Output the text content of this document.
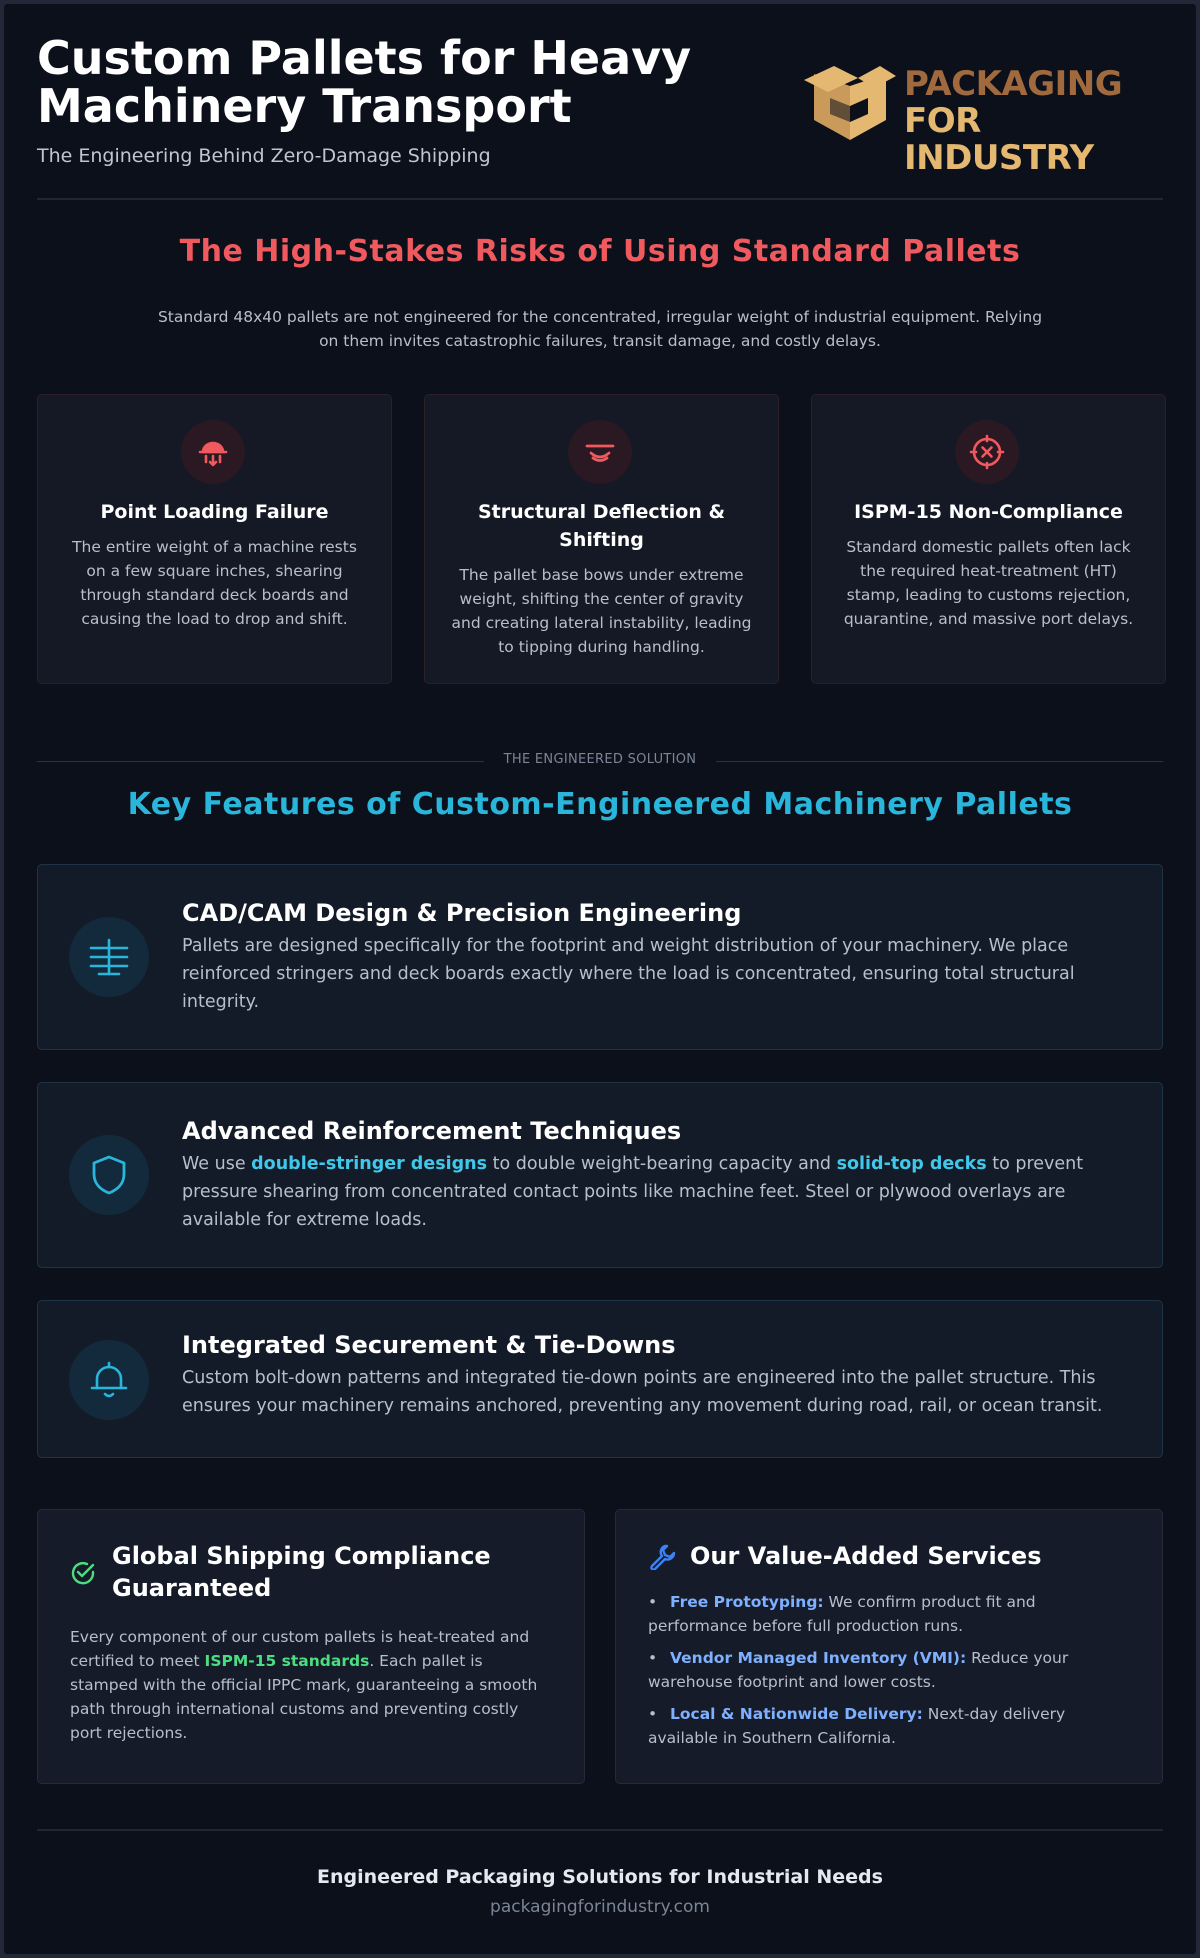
Custom Pallets for Heavy Machinery Transport
The Engineering Behind Zero-Damage Shipping
PACKAGING
FOR INDUSTRY
The High-Stakes Risks of Using Standard Pallets

Standard 48x40 pallets are not engineered for the concentrated, irregular weight of industrial equipment. Relying on them invites catastrophic failures, transit damage, and costly delays.

Point Loading Failure

The entire weight of a machine rests on a few square inches, shearing through standard deck boards and causing the load to drop and shift.

Structural Deflection & Shifting

The pallet base bows under extreme weight, shifting the center of gravity and creating lateral instability, leading to tipping during handling.

ISPM-15 Non-Compliance

Standard domestic pallets often lack the required heat-treatment (HT) stamp, leading to customs rejection, quarantine, and massive port delays.

THE ENGINEERED SOLUTION
Key Features of Custom-Engineered Machinery Pallets
CAD/CAM Design & Precision Engineering

Pallets are designed specifically for the footprint and weight distribution of your machinery. We place reinforced stringers and deck boards exactly where the load is concentrated, ensuring total structural integrity.

Advanced Reinforcement Techniques

We use double-stringer designs to double weight-bearing capacity and solid-top decks to prevent pressure shearing from concentrated contact points like machine feet. Steel or plywood overlays are available for extreme loads.

Integrated Securement & Tie-Downs

Custom bolt-down patterns and integrated tie-down points are engineered into the pallet structure. This ensures your machinery remains anchored, preventing any movement during road, rail, or ocean transit.

Global Shipping Compliance Guaranteed

Every component of our custom pallets is heat-treated and certified to meet ISPM-15 standards. Each pallet is stamped with the official IPPC mark, guaranteeing a smooth path through international customs and preventing costly port rejections.

Our Value-Added Services
• Free Prototyping: We confirm product fit and performance before full production runs.
• Vendor Managed Inventory (VMI): Reduce your warehouse footprint and lower costs.
• Local & Nationwide Delivery: Next-day delivery available in Southern California.
Engineered Packaging Solutions for Industrial Needs
packagingforindustry.com
